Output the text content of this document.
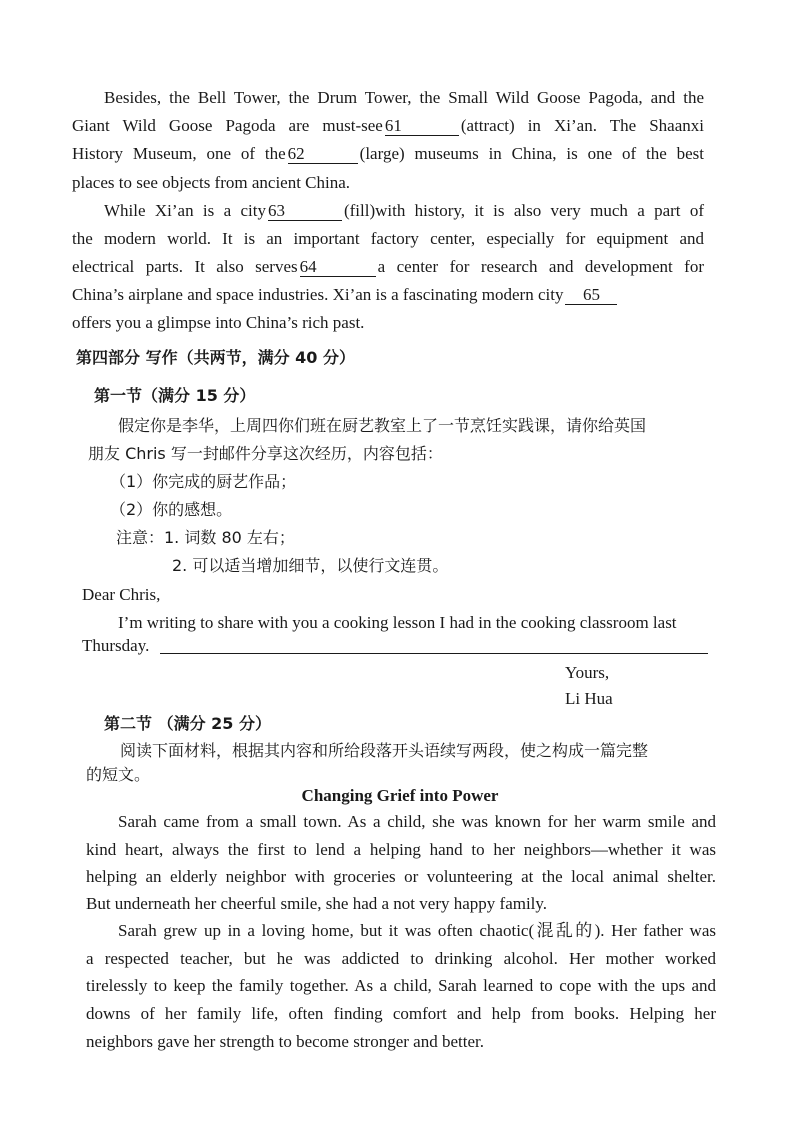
Besides, the Bell Tower, the Drum Tower, the Small Wild Goose Pagoda, and the
Giant Wild Goose Pagoda are must-see 61	(attract) in Xi’an. The Shaanxi
History Museum, one of the 62	(large) museums in China, is one of the best
places to see objects from ancient China.
While Xi’an is a city 63	(fill)with history, it is also very much a part of
the modern world. It is an important factory center, especially for equipment and
electrical parts. It also serves 64	a center for research and development for
China’s airplane and space industries. Xi’an is a fascinating modern city 65
offers you a glimpse into China’s rich past.
第四部分 写作（共两节，满分 40 分）
第一节（满分 15 分）
假定你是李华，上周四你们班在厨艺教室上了一节烹饪实践课，请你给英国
朋友 Chris 写一封邮件分享这次经历，内容包括：
（1）你完成的厨艺作品；
（2）你的感想。
注意：1. 词数 80 左右；
2. 可以适当增加细节，以使行文连贯。
Dear Chris,
I’m writing to share with you a cooking lesson I had in the cooking classroom last
Thursday.
Yours,
Li Hua
第二节 （满分 25 分）
阅读下面材料，根据其内容和所给段落开头语续写两段，使之构成一篇完整
的短文。
Changing Grief into Power
Sarah came from a small town. As a child, she was known for her warm smile and
kind heart, always the first to lend a helping hand to her neighbors—whether it was
helping an elderly neighbor with groceries or volunteering at the local animal shelter.
But underneath her cheerful smile, she had a not very happy family.
Sarah grew up in a loving home, but it was often chaotic(混乱的). Her father was
a respected teacher, but he was addicted to drinking alcohol. Her mother worked
tirelessly to keep the family together. As a child, Sarah learned to cope with the ups and
downs of her family life, often finding comfort and help from books. Helping her
neighbors gave her strength to become stronger and better.
